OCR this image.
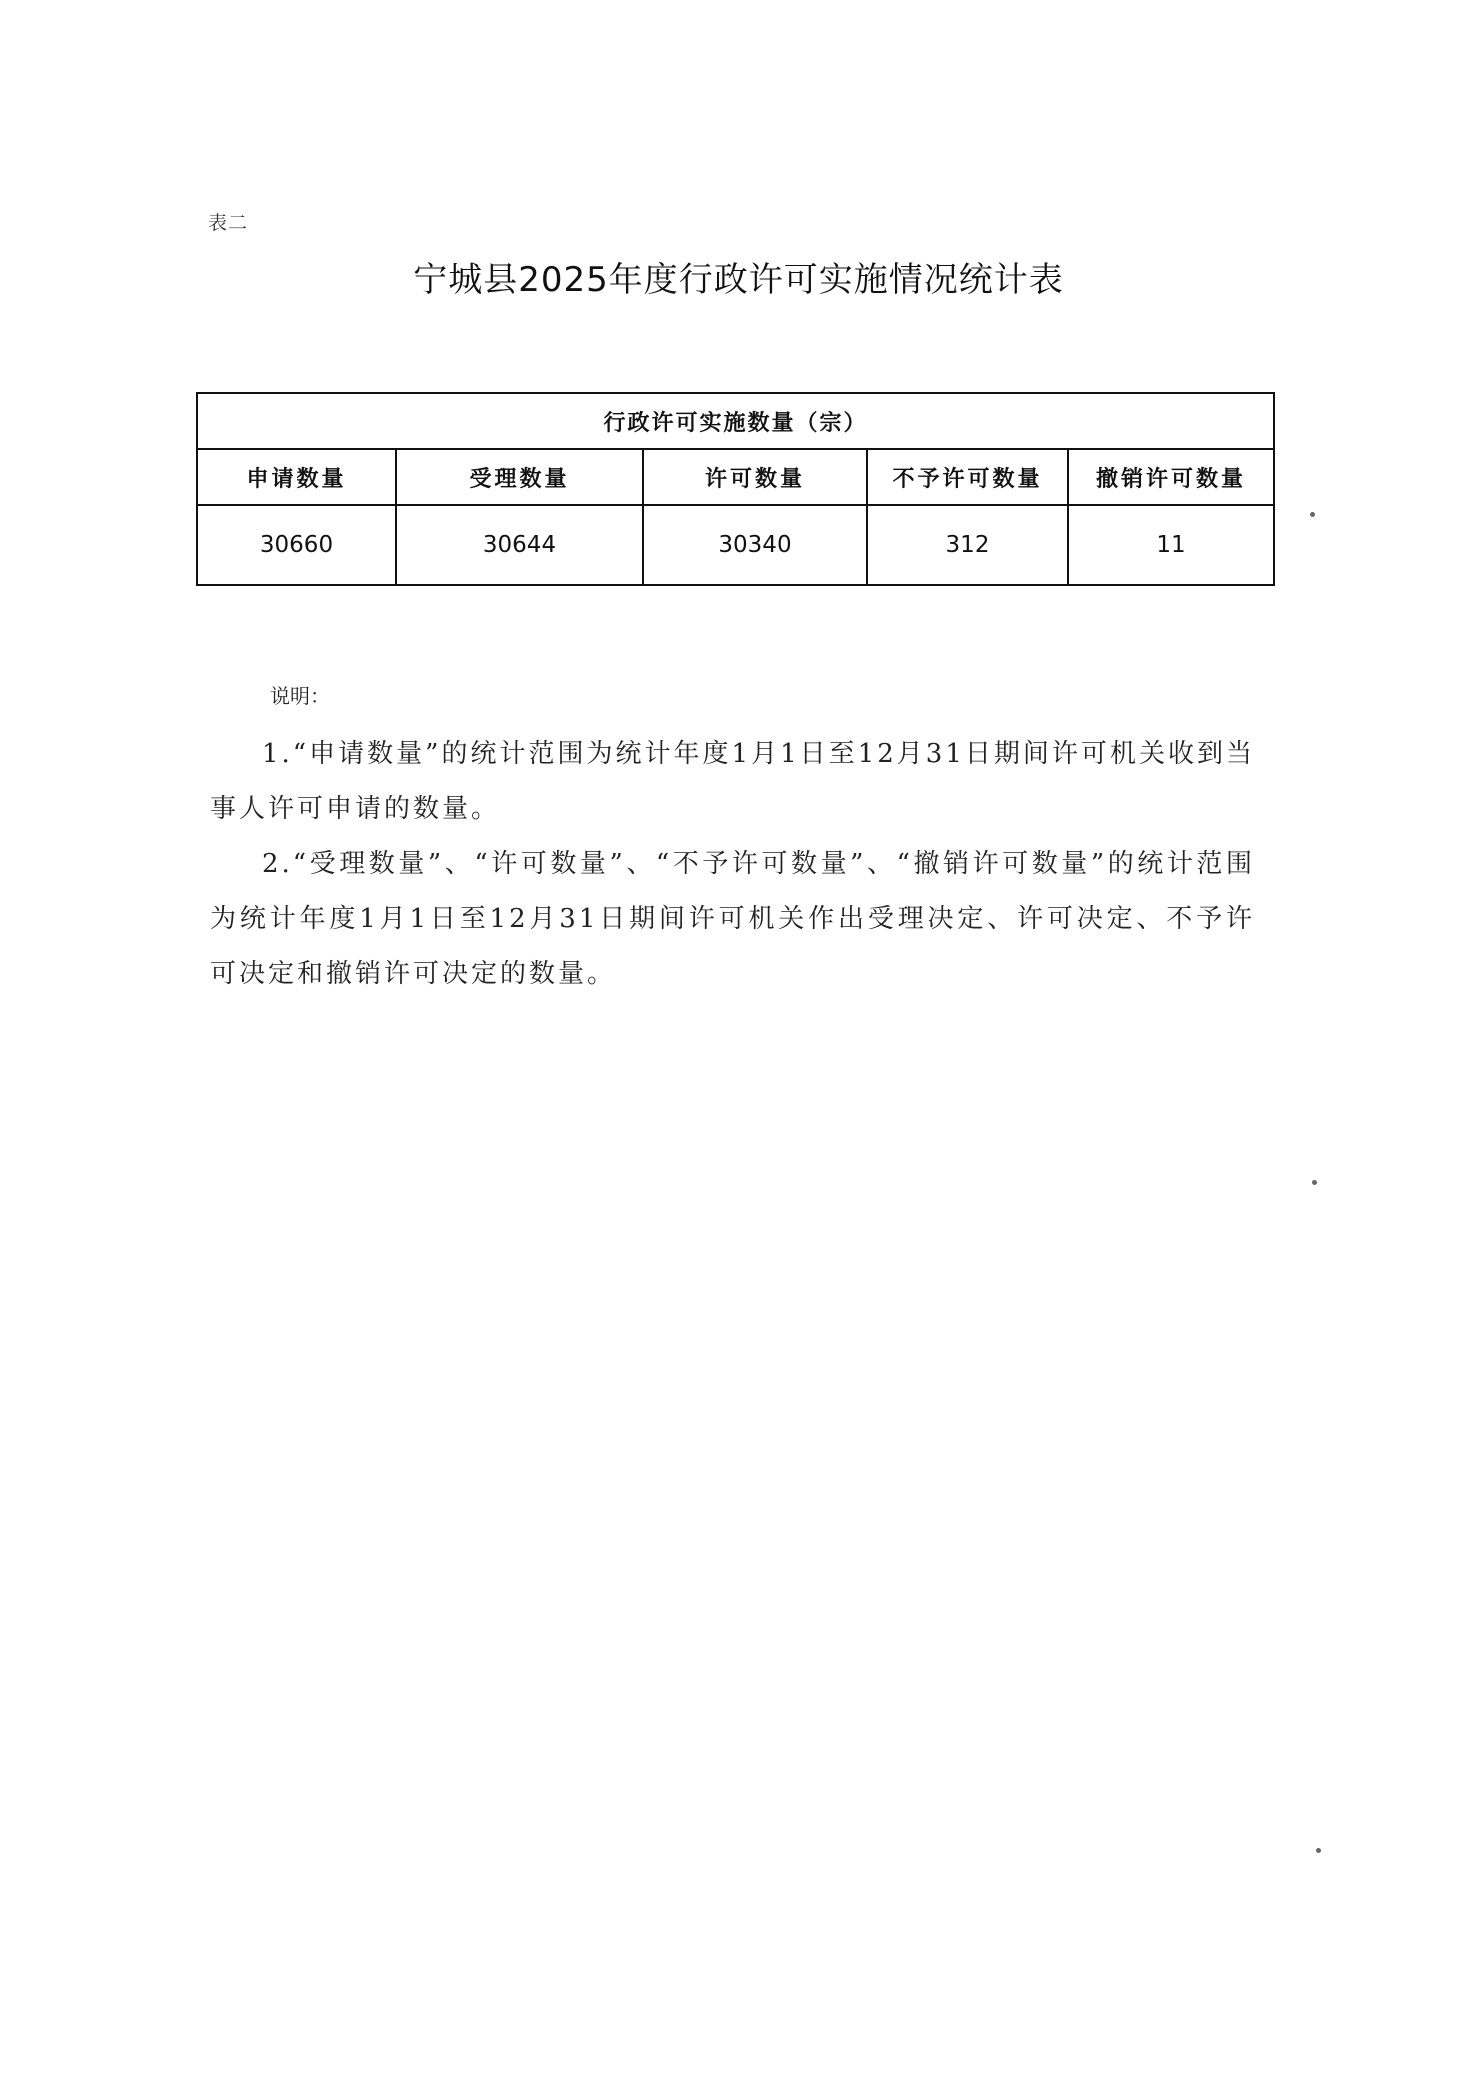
表二
宁城县2025年度行政许可实施情况统计表
行政许可实施数量（宗）				
申请数量	受理数量	许可数量	不予许可数量	撤销许可数量
30660	30644	30340	312	11
说明：

1.“申请数量”的统计范围为统计年度1月1日至12月31日期间许可机关收到当事人许可申请的数量。

2.“受理数量”、“许可数量”、“不予许可数量”、“撤销许可数量”的统计范围为统计年度1月1日至12月31日期间许可机关作出受理决定、许可决定、不予许可决定和撤销许可决定的数量。
